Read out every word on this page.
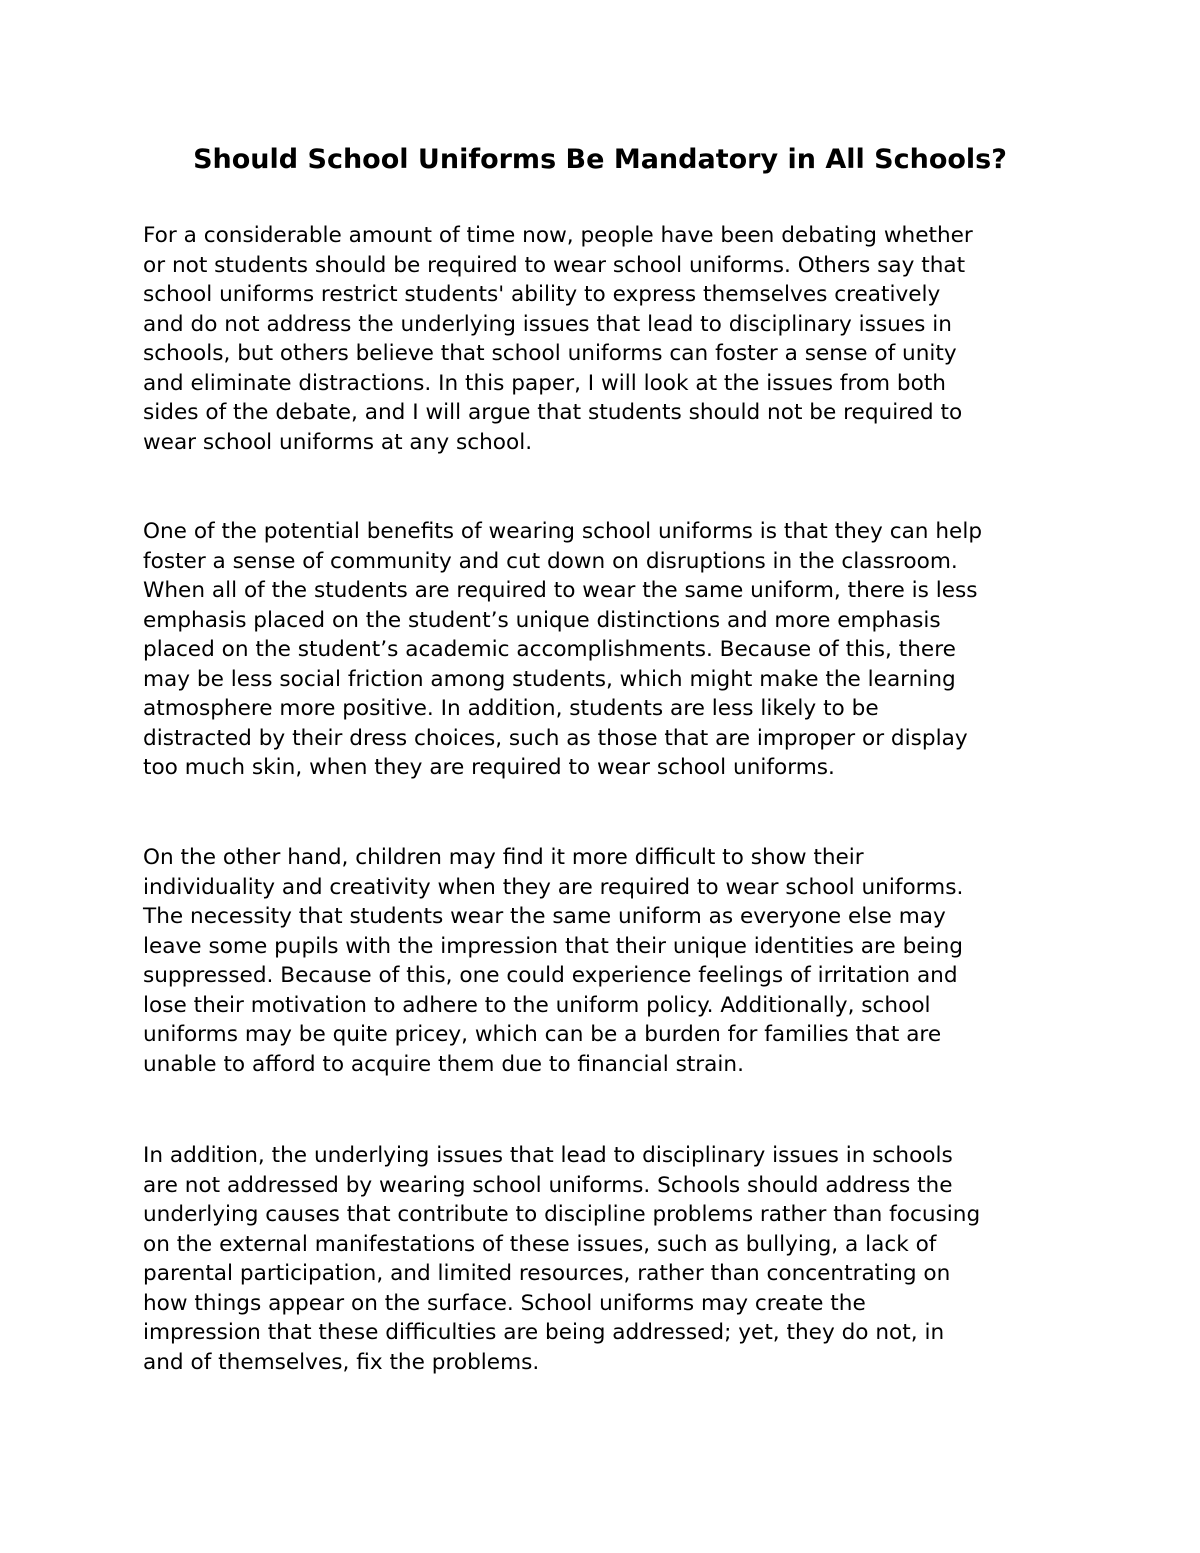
Should School Uniforms Be Mandatory in All Schools?

For a considerable amount of time now, people have been debating whether
or not students should be required to wear school uniforms. Others say that
school uniforms restrict students' ability to express themselves creatively
and do not address the underlying issues that lead to disciplinary issues in
schools, but others believe that school uniforms can foster a sense of unity
and eliminate distractions. In this paper, I will look at the issues from both
sides of the debate, and I will argue that students should not be required to
wear school uniforms at any school.

One of the potential benefits of wearing school uniforms is that they can help
foster a sense of community and cut down on disruptions in the classroom.
When all of the students are required to wear the same uniform, there is less
emphasis placed on the student’s unique distinctions and more emphasis
placed on the student’s academic accomplishments. Because of this, there
may be less social friction among students, which might make the learning
atmosphere more positive. In addition, students are less likely to be
distracted by their dress choices, such as those that are improper or display
too much skin, when they are required to wear school uniforms.

On the other hand, children may find it more difficult to show their
individuality and creativity when they are required to wear school uniforms.
The necessity that students wear the same uniform as everyone else may
leave some pupils with the impression that their unique identities are being
suppressed. Because of this, one could experience feelings of irritation and
lose their motivation to adhere to the uniform policy. Additionally, school
uniforms may be quite pricey, which can be a burden for families that are
unable to afford to acquire them due to financial strain.

In addition, the underlying issues that lead to disciplinary issues in schools
are not addressed by wearing school uniforms. Schools should address the
underlying causes that contribute to discipline problems rather than focusing
on the external manifestations of these issues, such as bullying, a lack of
parental participation, and limited resources, rather than concentrating on
how things appear on the surface. School uniforms may create the
impression that these difficulties are being addressed; yet, they do not, in
and of themselves, fix the problems.
